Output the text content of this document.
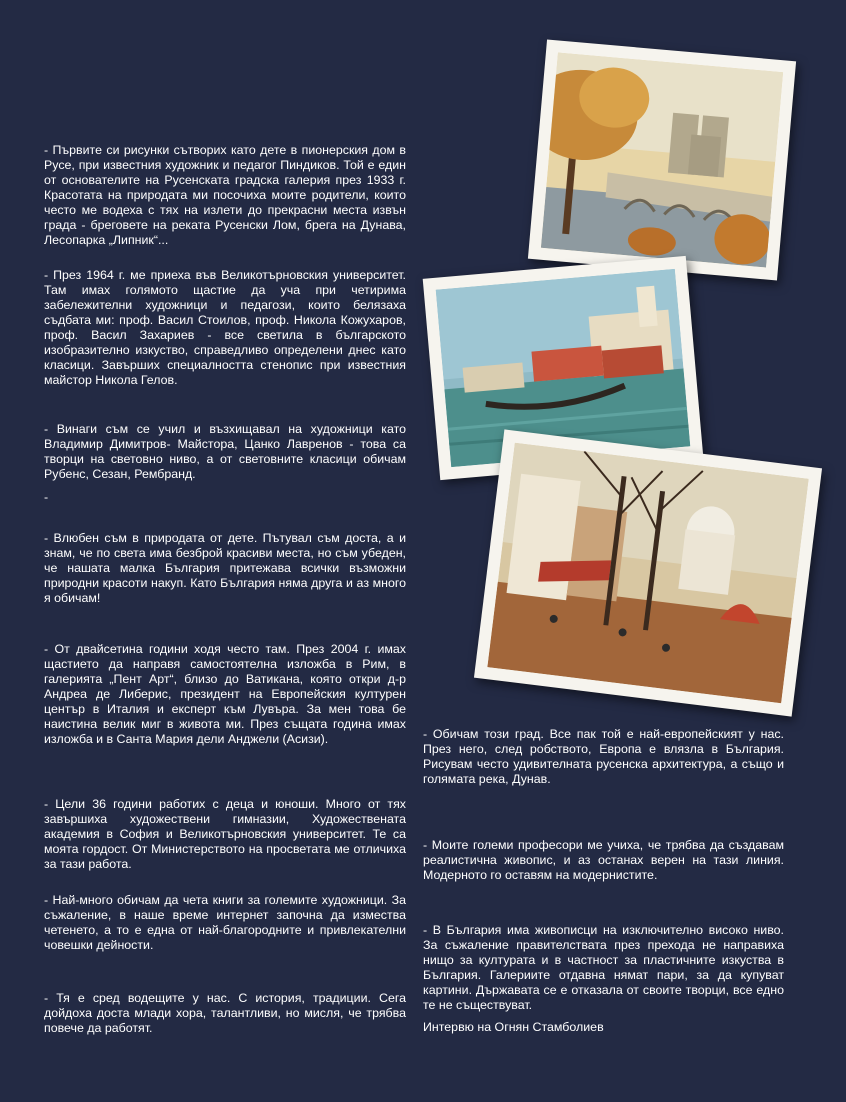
- Първите си рисунки сътворих като дете в пионерския дом в Русе, при известния художник и педагог Пиндиков. Той е един от основателите на Русенската градска галерия през 1933 г. Красотата на природата ми посочиха моите родители, които често ме водеха с тях на излети до прекрасни места извън града - бреговете на реката Русенски Лом, брега на Дунава, Лесопарка „Липник“...

- През 1964 г. ме приеха във Великотърновския университет. Там имах голямото щастие да уча при четирима забележителни художници и педагози, които белязаха съдбата ми: проф. Васил Стоилов, проф. Никола Кожухаров, проф. Васил Захариев - все светила в българското изобразително изкуство, справедливо определени днес като класици. Завърших специалността стенопис при известния майстор Никола Гелов.

- Винаги съм се учил и възхищавал на художници като Владимир Димитров- Майстора, Цанко Лавренов - това са творци на световно ниво, а от световните класици обичам Рубенс, Сезан, Рембранд.

-

- Влюбен съм в природата от дете. Пътувал съм доста, а и знам, че по света има безброй красиви места, но съм убеден, че нашата малка България притежава всички възможни природни красоти накуп. Като България няма друга и аз много я обичам!

- От двайсетина години ходя често там. През 2004 г. имах щастието да направя самостоятелна изложба в Рим, в галерията „Пент Арт“, близо до Ватикана, която откри д-р Андреа де Либерис, президент на Европейския културен център в Италия и експерт към Лувъра. За мен това бе наистина велик миг в живота ми. През същата година имах изложба и в Санта Мария дели Анджели (Асизи).

- Цели 36 години работих с деца и юноши. Много от тях завършиха художествени гимназии, Художествената академия в София и Великотърновския университет. Те са моята гордост. От Министерството на просветата ме отличиха за тази работа.

- Най-много обичам да чета книги за големите художници. За съжаление, в наше време интернет започна да измества четенето, а то е една от най-благородните и привлекателни човешки дейности.

- Тя е сред водещите у нас. С история, традиции. Сега дойдоха доста млади хора, талантливи, но мисля, че трябва повече да работят.

- Обичам този град. Все пак той е най-европейският у нас. През него, след робството, Европа е влязла в България. Рисувам често удивителната русенска архитектура, а също и голямата река, Дунав.

- Моите големи професори ме учиха, че трябва да създавам реалистична живопис, и аз останах верен на тази линия. Модерното го оставям на модернистите.

- В България има живописци на изключително високо ниво. За съжаление правителствата през прехода не направиха нищо за културата и в частност за пластичните изкуства в България. Галериите отдавна нямат пари, за да купуват картини. Държавата се е отказала от своите творци, все едно те не съществуват.

Интервю на Огнян Стамболиев
